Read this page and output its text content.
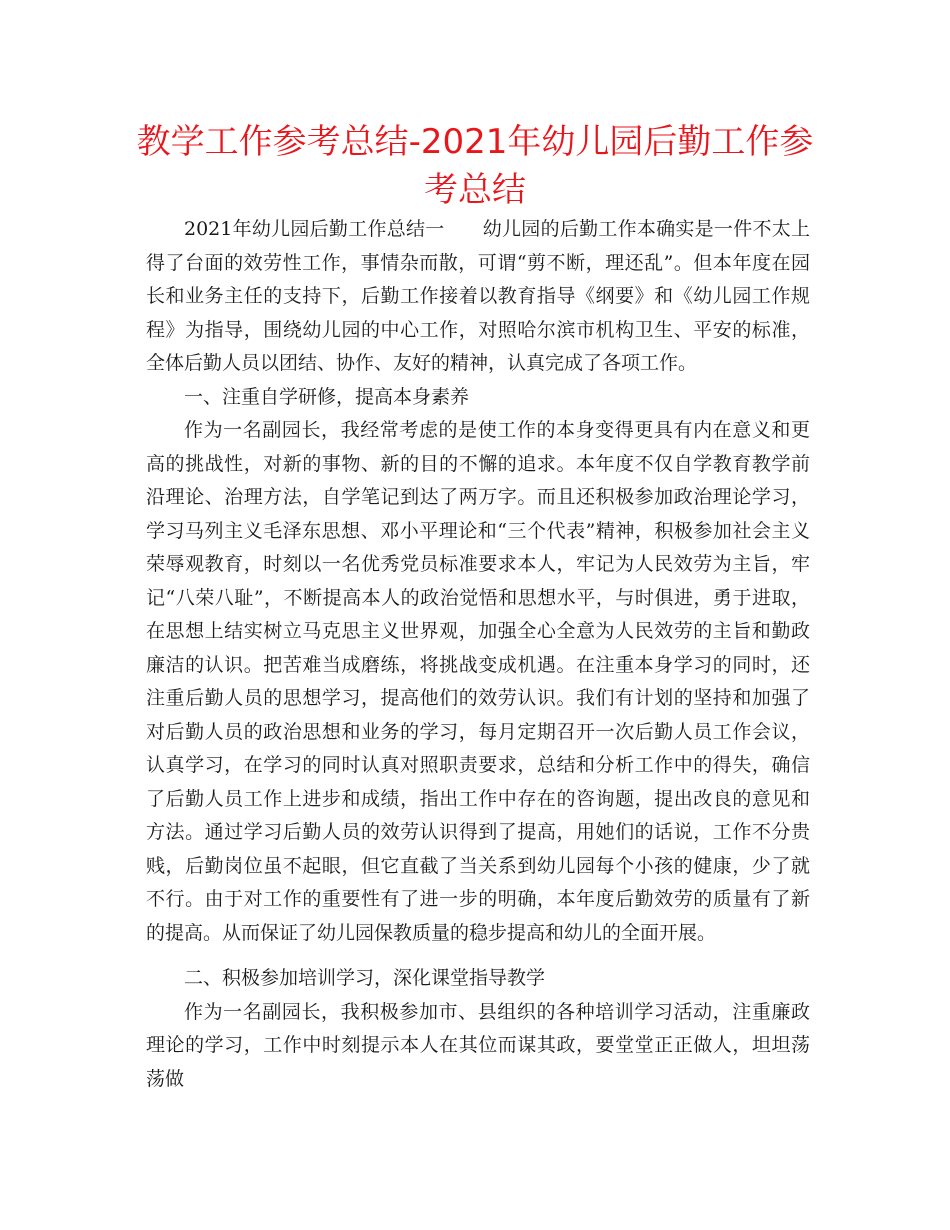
教学工作参考总结-2021年幼儿园后勤工作参考总结

2021年幼儿园后勤工作总结一 幼儿园的后勤工作本确实是一件不太上得了台面的效劳性工作，事情杂而散，可谓“剪不断，理还乱”。但本年度在园长和业务主任的支持下，后勤工作接着以教育指导《纲要》和《幼儿园工作规程》为指导，围绕幼儿园的中心工作，对照哈尔滨市机构卫生、平安的标准，全体后勤人员以团结、协作、友好的精神，认真完成了各项工作。

一、注重自学研修，提高本身素养

作为一名副园长，我经常考虑的是使工作的本身变得更具有内在意义和更高的挑战性，对新的事物、新的目的不懈的追求。本年度不仅自学教育教学前沿理论、治理方法，自学笔记到达了两万字。而且还积极参加政治理论学习，学习马列主义毛泽东思想、邓小平理论和“三个代表”精神，积极参加社会主义荣辱观教育，时刻以一名优秀党员标准要求本人，牢记为人民效劳为主旨，牢记“八荣八耻”，不断提高本人的政治觉悟和思想水平，与时俱进，勇于进取，在思想上结实树立马克思主义世界观，加强全心全意为人民效劳的主旨和勤政廉洁的认识。把苦难当成磨练，将挑战变成机遇。在注重本身学习的同时，还注重后勤人员的思想学习，提高他们的效劳认识。我们有计划的坚持和加强了对后勤人员的政治思想和业务的学习，每月定期召开一次后勤人员工作会议，认真学习，在学习的同时认真对照职责要求，总结和分析工作中的得失，确信了后勤人员工作上进步和成绩，指出工作中存在的咨询题，提出改良的意见和方法。通过学习后勤人员的效劳认识得到了提高，用她们的话说，工作不分贵贱，后勤岗位虽不起眼，但它直截了当关系到幼儿园每个小孩的健康，少了就不行。由于对工作的重要性有了进一步的明确，本年度后勤效劳的质量有了新的提高。从而保证了幼儿园保教质量的稳步提高和幼儿的全面开展。

二、积极参加培训学习，深化课堂指导教学

作为一名副园长，我积极参加市、县组织的各种培训学习活动，注重廉政理论的学习，工作中时刻提示本人在其位而谋其政，要堂堂正正做人，坦坦荡荡做
